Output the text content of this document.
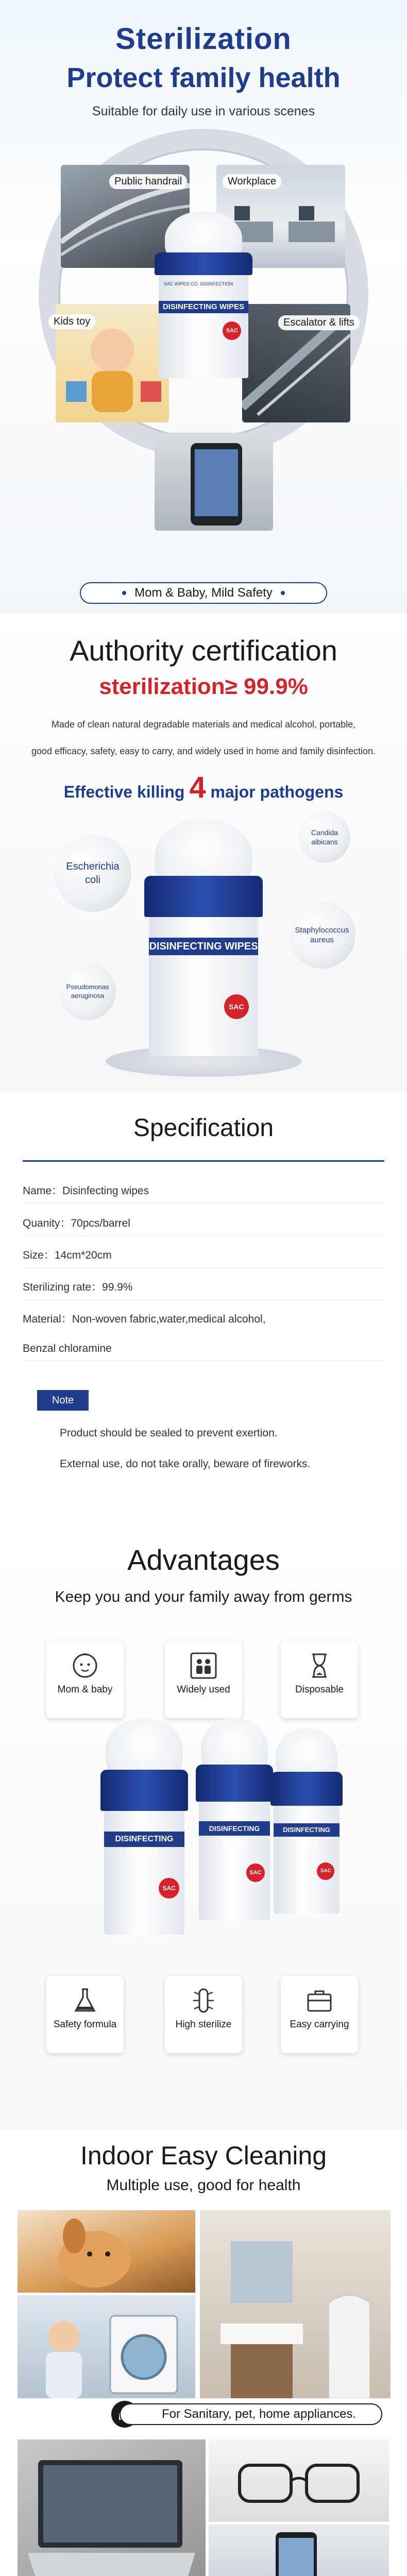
Sterilization
Protect family health
Suitable for daily use in various scenes
Public handrail	Workplace
Kids toy	Escalator & lifts
SAC WIPES CO. DISINFECTION
DISINFECTING WIPES
SAC
Mom & Baby, Mild Safety
Authority certification
sterilization≥ 99.9%
Made of clean natural degradable materials and medical alcohol, portable,
good efficacy, safety, easy to carry, and widely used in home and family disinfection.
Effective killing 4 major pathogens
Escherichia
coli
Candida
albicans
Staphylococcus
aureus
Pseudomonas
aeruginosa
DISINFECTING WIPES
SAC
Specification
Name：Disinfecting wipes
Quanity：70pcs/barrel
Size：14cm*20cm
Sterilizing rate：99.9%
Material：Non-woven fabric,water,medical alcohol,
Benzal chloramine
Note
Product should be sealed to prevent exertion.
External use, do not take orally, beware of fireworks.
Advantages
Keep you and your family away from germs
Mom & baby	Widely used	Disposable
DISINFECTING WIPES
SAC
DISINFECTING WIPES
SAC
DISINFECTING WIPES
SAC
Safety formula	High sterilize	Easy carrying
Indoor Easy Cleaning
Multiple use, good for health
For Sanitary, pet, home appliances.
